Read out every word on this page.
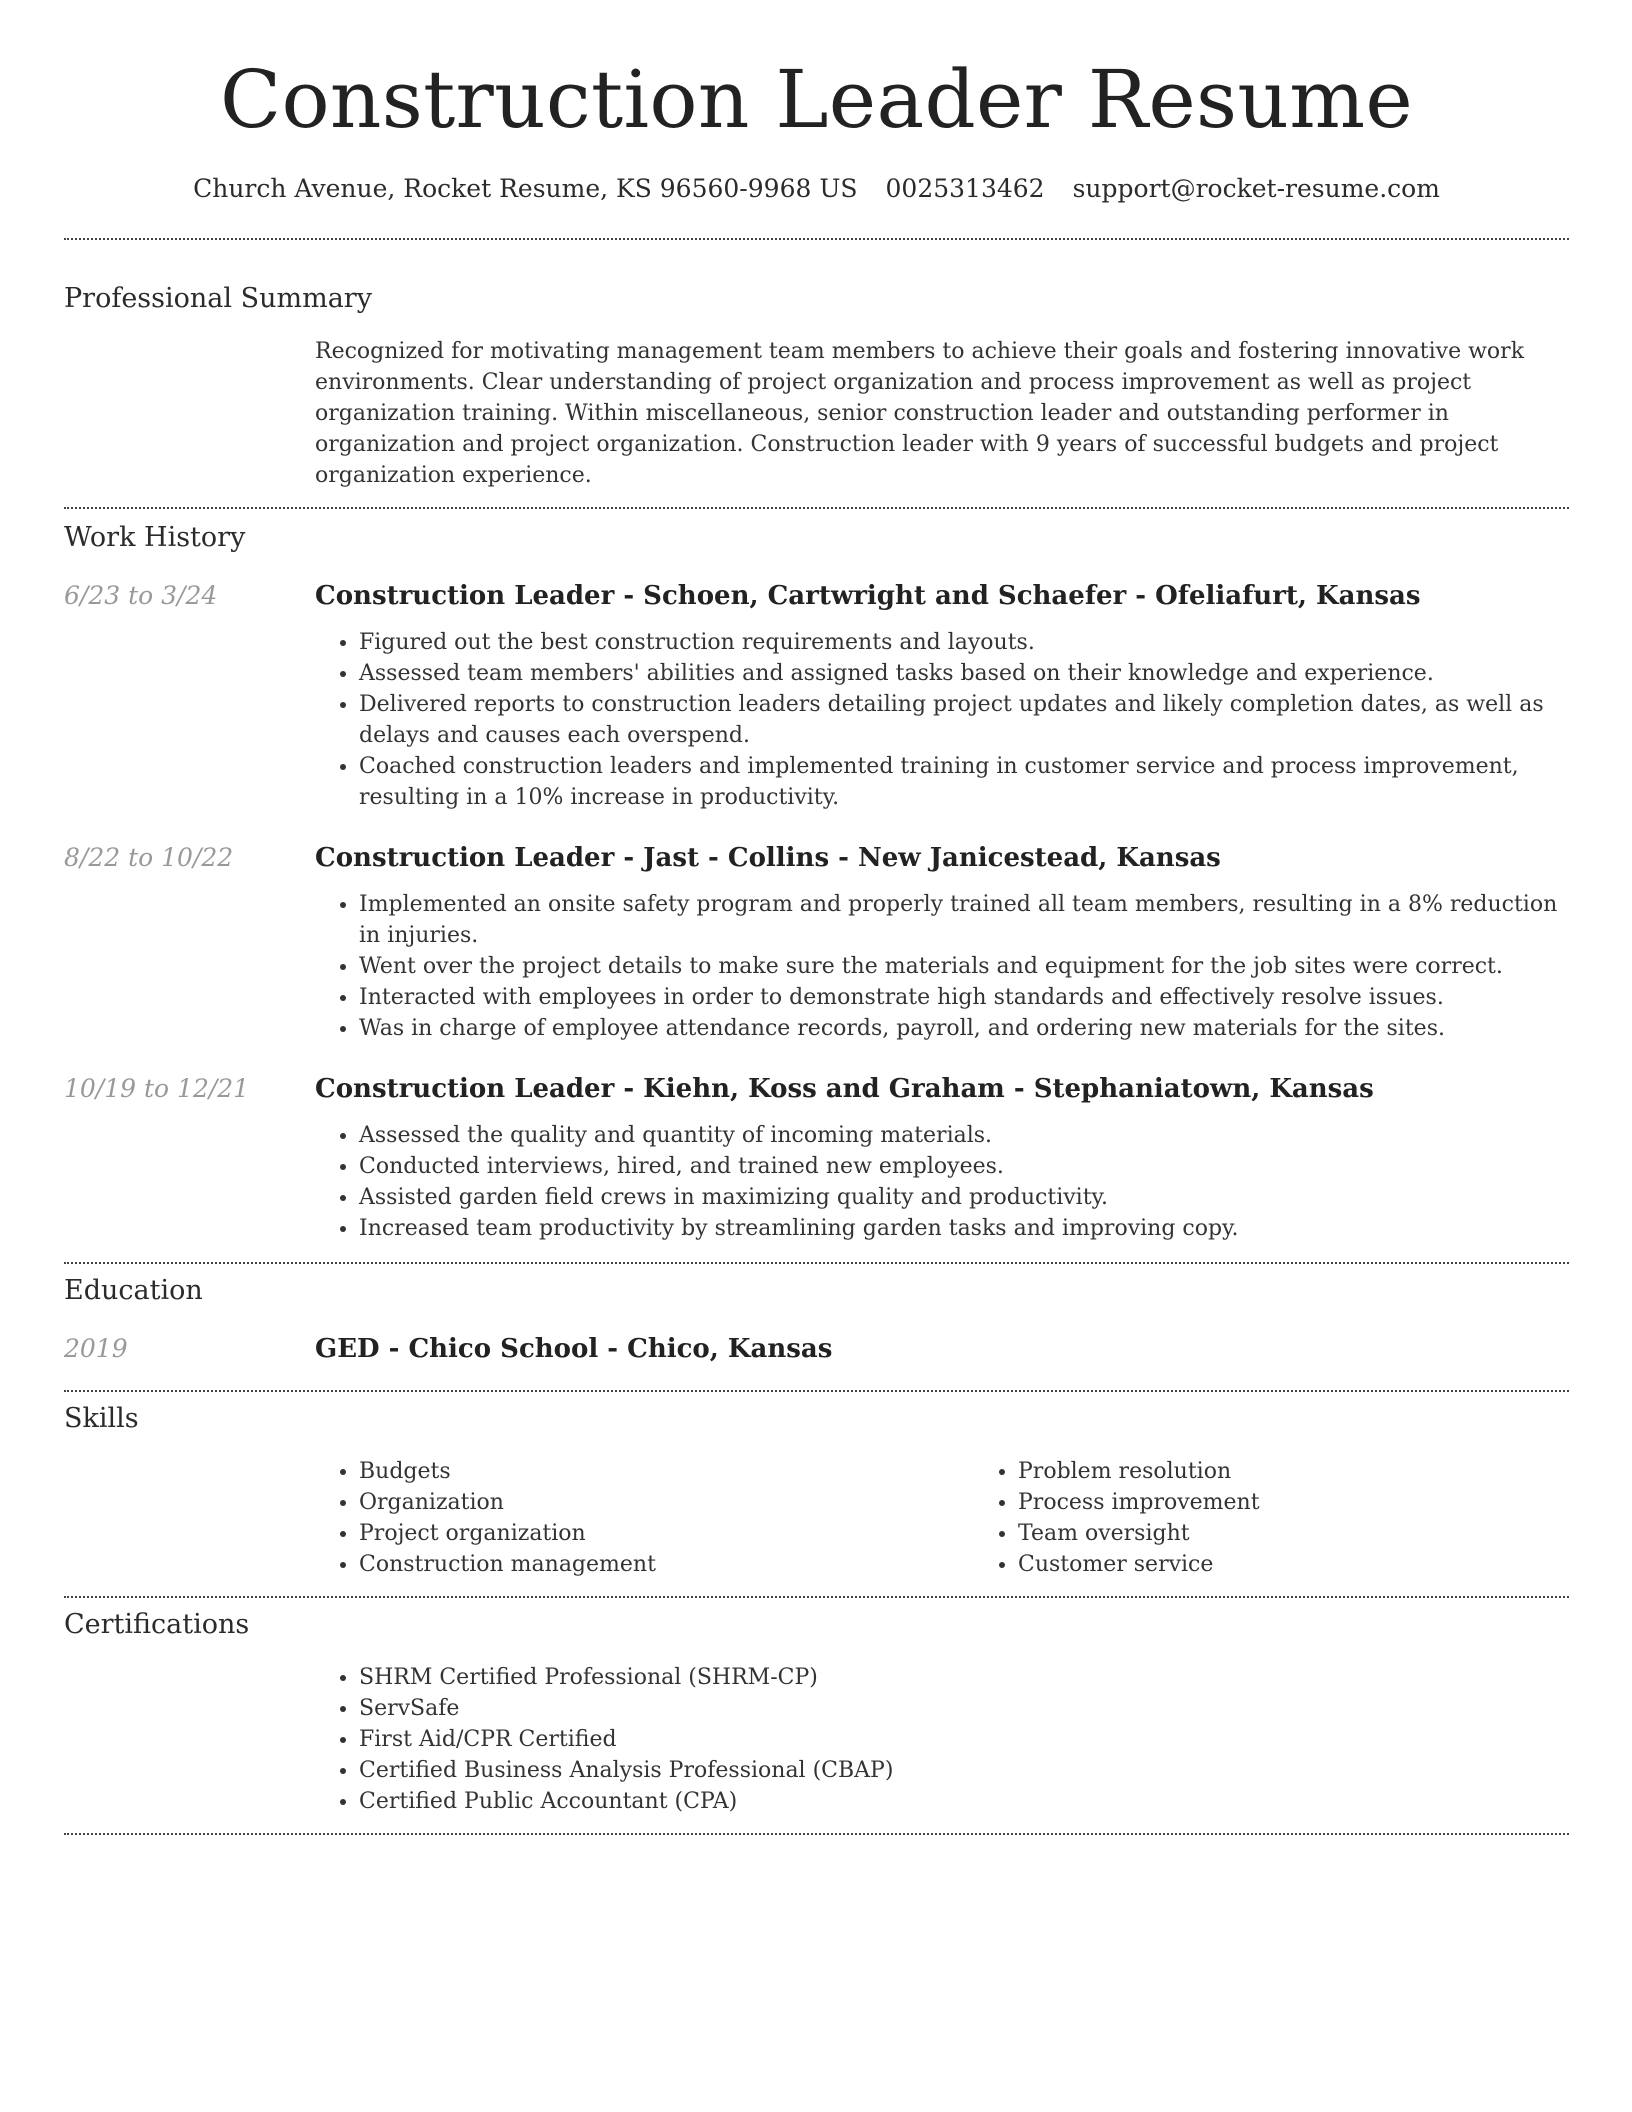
Construction Leader Resume
Church Avenue, Rocket Resume, KS 96560-9968 US 0025313462 support@rocket-resume.com
Professional Summary

Recognized for motivating management team members to achieve their goals and fostering innovative work environments. Clear understanding of project organization and process improvement as well as project organization training. Within miscellaneous, senior construction leader and outstanding performer in organization and project organization. Construction leader with 9 years of successful budgets and project organization experience.

Work History
6/23 to 3/24	Construction Leader - Schoen, Cartwright and Schaefer - Ofeliafurt, Kansas
• Figured out the best construction requirements and layouts.
• Assessed team members' abilities and assigned tasks based on their knowledge and experience.
• Delivered reports to construction leaders detailing project updates and likely completion dates, as well as delays and causes each overspend.
• Coached construction leaders and implemented training in customer service and process improvement, resulting in a 10% increase in productivity.
8/22 to 10/22	Construction Leader - Jast - Collins - New Janicestead, Kansas
• Implemented an onsite safety program and properly trained all team members, resulting in a 8% reduction in injuries.
• Went over the project details to make sure the materials and equipment for the job sites were correct.
• Interacted with employees in order to demonstrate high standards and effectively resolve issues.
• Was in charge of employee attendance records, payroll, and ordering new materials for the sites.
10/19 to 12/21	Construction Leader - Kiehn, Koss and Graham - Stephaniatown, Kansas
• Assessed the quality and quantity of incoming materials.
• Conducted interviews, hired, and trained new employees.
• Assisted garden field crews in maximizing quality and productivity.
• Increased team productivity by streamlining garden tasks and improving copy.
Education
2019	GED - Chico School - Chico, Kansas
Skills
• Budgets
• Organization
• Project organization
• Construction management
• Problem resolution
• Process improvement
• Team oversight
• Customer service
Certifications
• SHRM Certified Professional (SHRM-CP)
• ServSafe
• First Aid/CPR Certified
• Certified Business Analysis Professional (CBAP)
• Certified Public Accountant (CPA)
